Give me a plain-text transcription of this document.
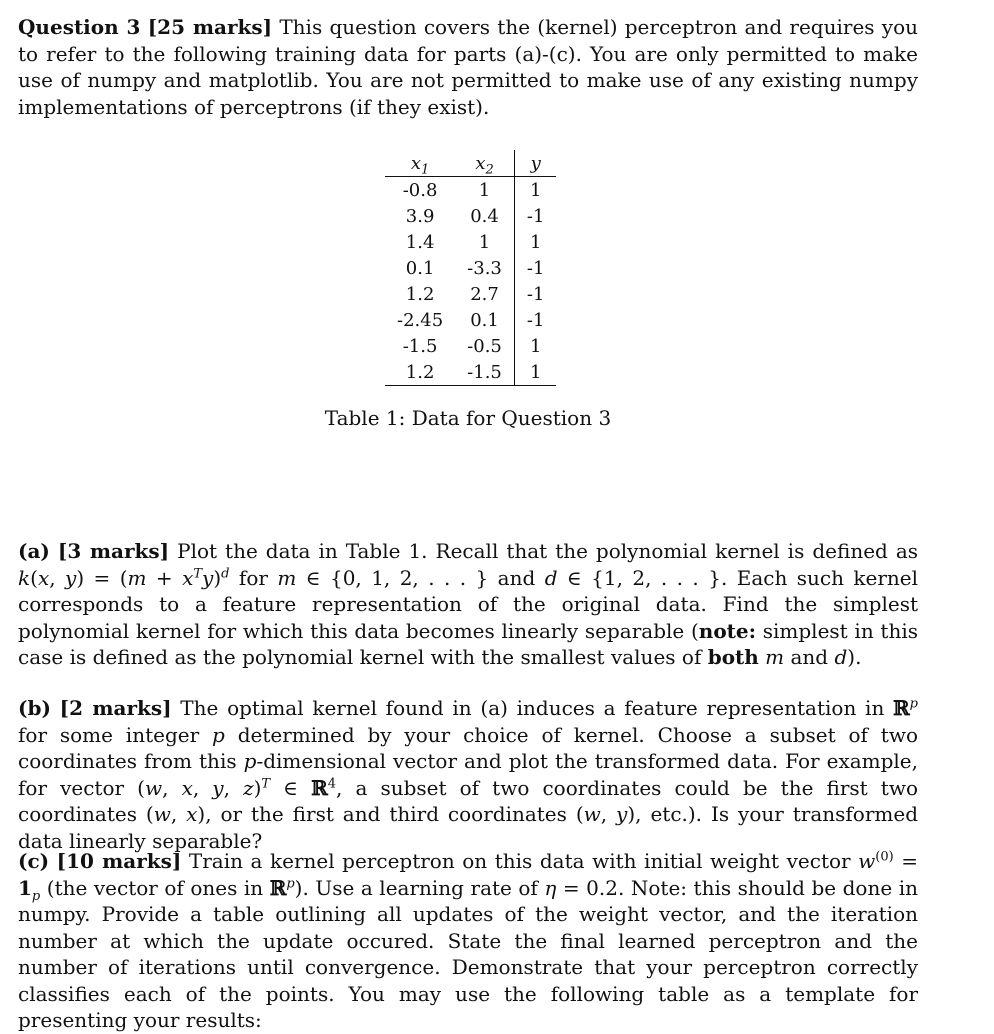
Question 3 [25 marks] This question covers the (kernel) perceptron and requires you to refer to the following training data for parts (a)-(c). You are only permitted to make use of numpy and matplotlib. You are not permitted to make use of any existing numpy implementations of perceptrons (if they exist).

$x_1$	$x_2$	y
-0.8	1	1
3.9	0.4	-1
1.4	1	1
0.1	-3.3	-1
1.2	2.7	-1
-2.45	0.1	-1
-1.5	-0.5	1
1.2	-1.5	1
Table 1: Data for Question 3

(a) [3 marks] Plot the data in Table 1. Recall that the polynomial kernel is defined as k(x, $y) = (m + x^Ty)^d$ for m ∈ {0, 1, 2, . . . } and d ∈ {1, 2, . . . }. Each such kernel corresponds to a feature representation of the original data. Find the simplest polynomial kernel for which this data becomes linearly separable (note: simplest in this case is defined as the polynomial kernel with the smallest values of both m and d).

(b) [2 marks] The optimal kernel found in (a) induces a feature representation in ℝ$^p$ for some integer p determined by your choice of kernel. Choose a subset of two coordinates from this p-dimensional vector and plot the transformed data. For example, for vector (w, x, y, z)$^T$ ∈ ℝ$^4$, a subset of two coordinates could be the first two coordinates (w, x), or the first and third coordinates (w, y), etc.). Is your transformed data linearly separable?

(c) [10 marks] Train a kernel perceptron on this data with initial weight vector $w^{(0)} = 1_p$ (the vector of ones in ℝ$^p$). Use a learning rate of η = 0.2. Note: this should be done in numpy. Provide a table outlining all updates of the weight vector, and the iteration number at which the update occured. State the final learned perceptron and the number of iterations until convergence. Demonstrate that your perceptron correctly classifies each of the points. You may use the following table as a template for presenting your results:
